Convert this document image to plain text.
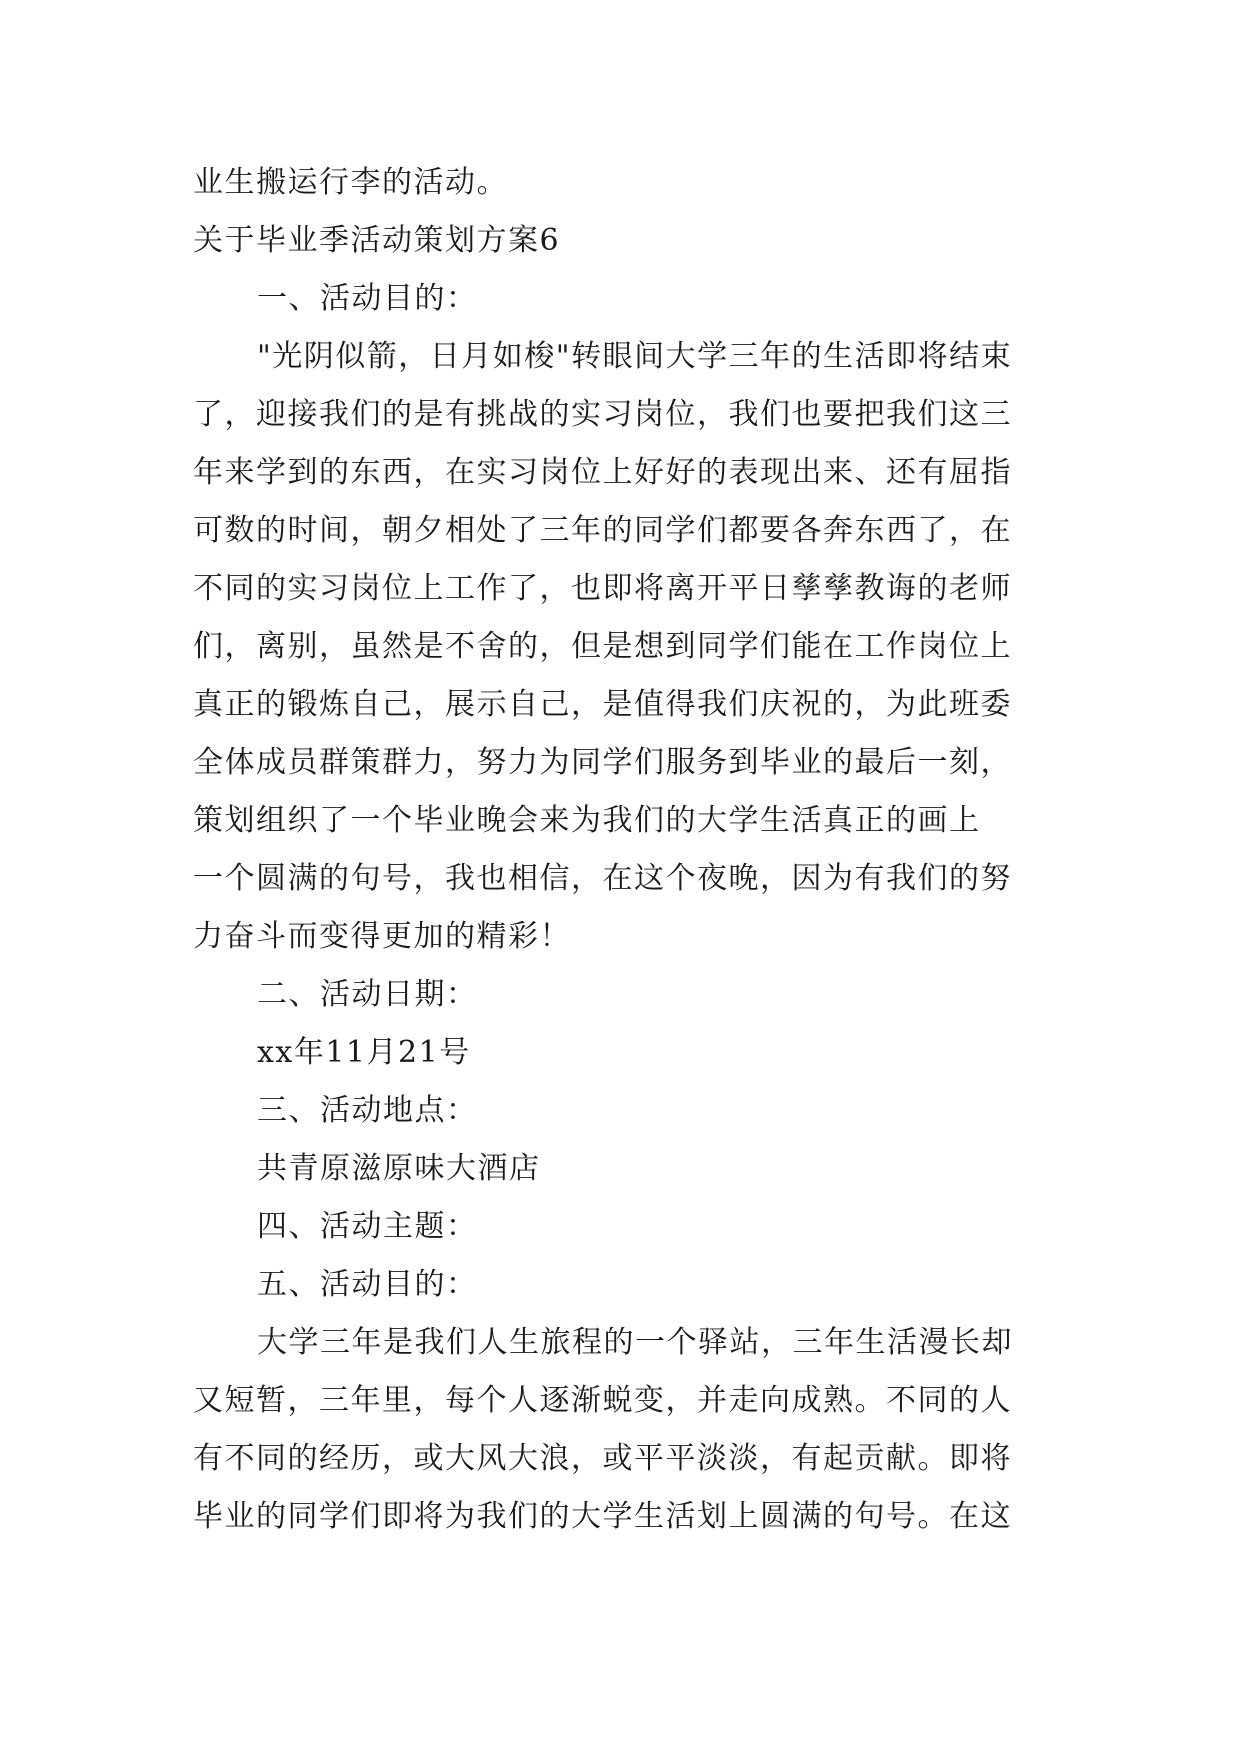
业生搬运行李的活动。
关于毕业季活动策划方案6
一、活动目的：
"光阴似箭，日月如梭"转眼间大学三年的生活即将结束
了，迎接我们的是有挑战的实习岗位，我们也要把我们这三
年来学到的东西，在实习岗位上好好的表现出来、还有屈指
可数的时间，朝夕相处了三年的同学们都要各奔东西了，在
不同的实习岗位上工作了，也即将离开平日孳孳教诲的老师
们，离别，虽然是不舍的，但是想到同学们能在工作岗位上
真正的锻炼自己，展示自己，是值得我们庆祝的，为此班委
全体成员群策群力，努力为同学们服务到毕业的最后一刻，
策划组织了一个毕业晚会来为我们的大学生活真正的画上
一个圆满的句号，我也相信，在这个夜晚，因为有我们的努
力奋斗而变得更加的精彩！
二、活动日期：
xx年11月21号
三、活动地点：
共青原滋原味大酒店
四、活动主题：
五、活动目的：
大学三年是我们人生旅程的一个驿站，三年生活漫长却
又短暂，三年里，每个人逐渐蜕变，并走向成熟。不同的人
有不同的经历，或大风大浪，或平平淡淡，有起贡献。即将
毕业的同学们即将为我们的大学生活划上圆满的句号。在这
